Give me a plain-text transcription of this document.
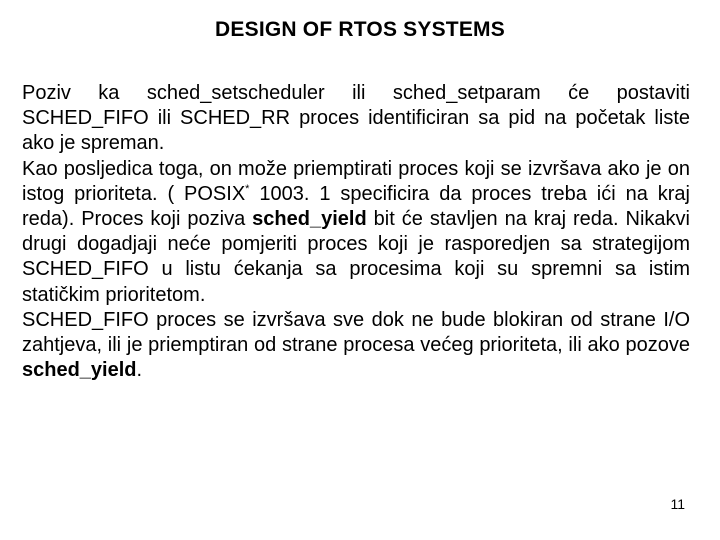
DESIGN OF RTOS SYSTEMS

Poziv ka sched_setscheduler ili sched_setparam će postaviti SCHED_FIFO ili SCHED_RR proces identificiran sa pid na početak liste ako je spreman.

Kao posljedica toga, on može priemptirati proces koji se izvršava ako je on istog prioriteta. ( POSIX* 1003. 1 specificira da proces treba ići na kraj reda). Proces koji poziva sched_yield bit će stavljen na kraj reda. Nikakvi drugi dogadjaji neće pomjeriti proces koji je rasporedjen sa strategijom SCHED_FIFO u listu ćekanja sa procesima koji su spremni sa istim statičkim prioritetom.

SCHED_FIFO proces se izvršava sve dok ne bude blokiran od strane I/O zahtjeva, ili je priemptiran od strane procesa većeg prioriteta, ili ako pozove sched_yield.

11
